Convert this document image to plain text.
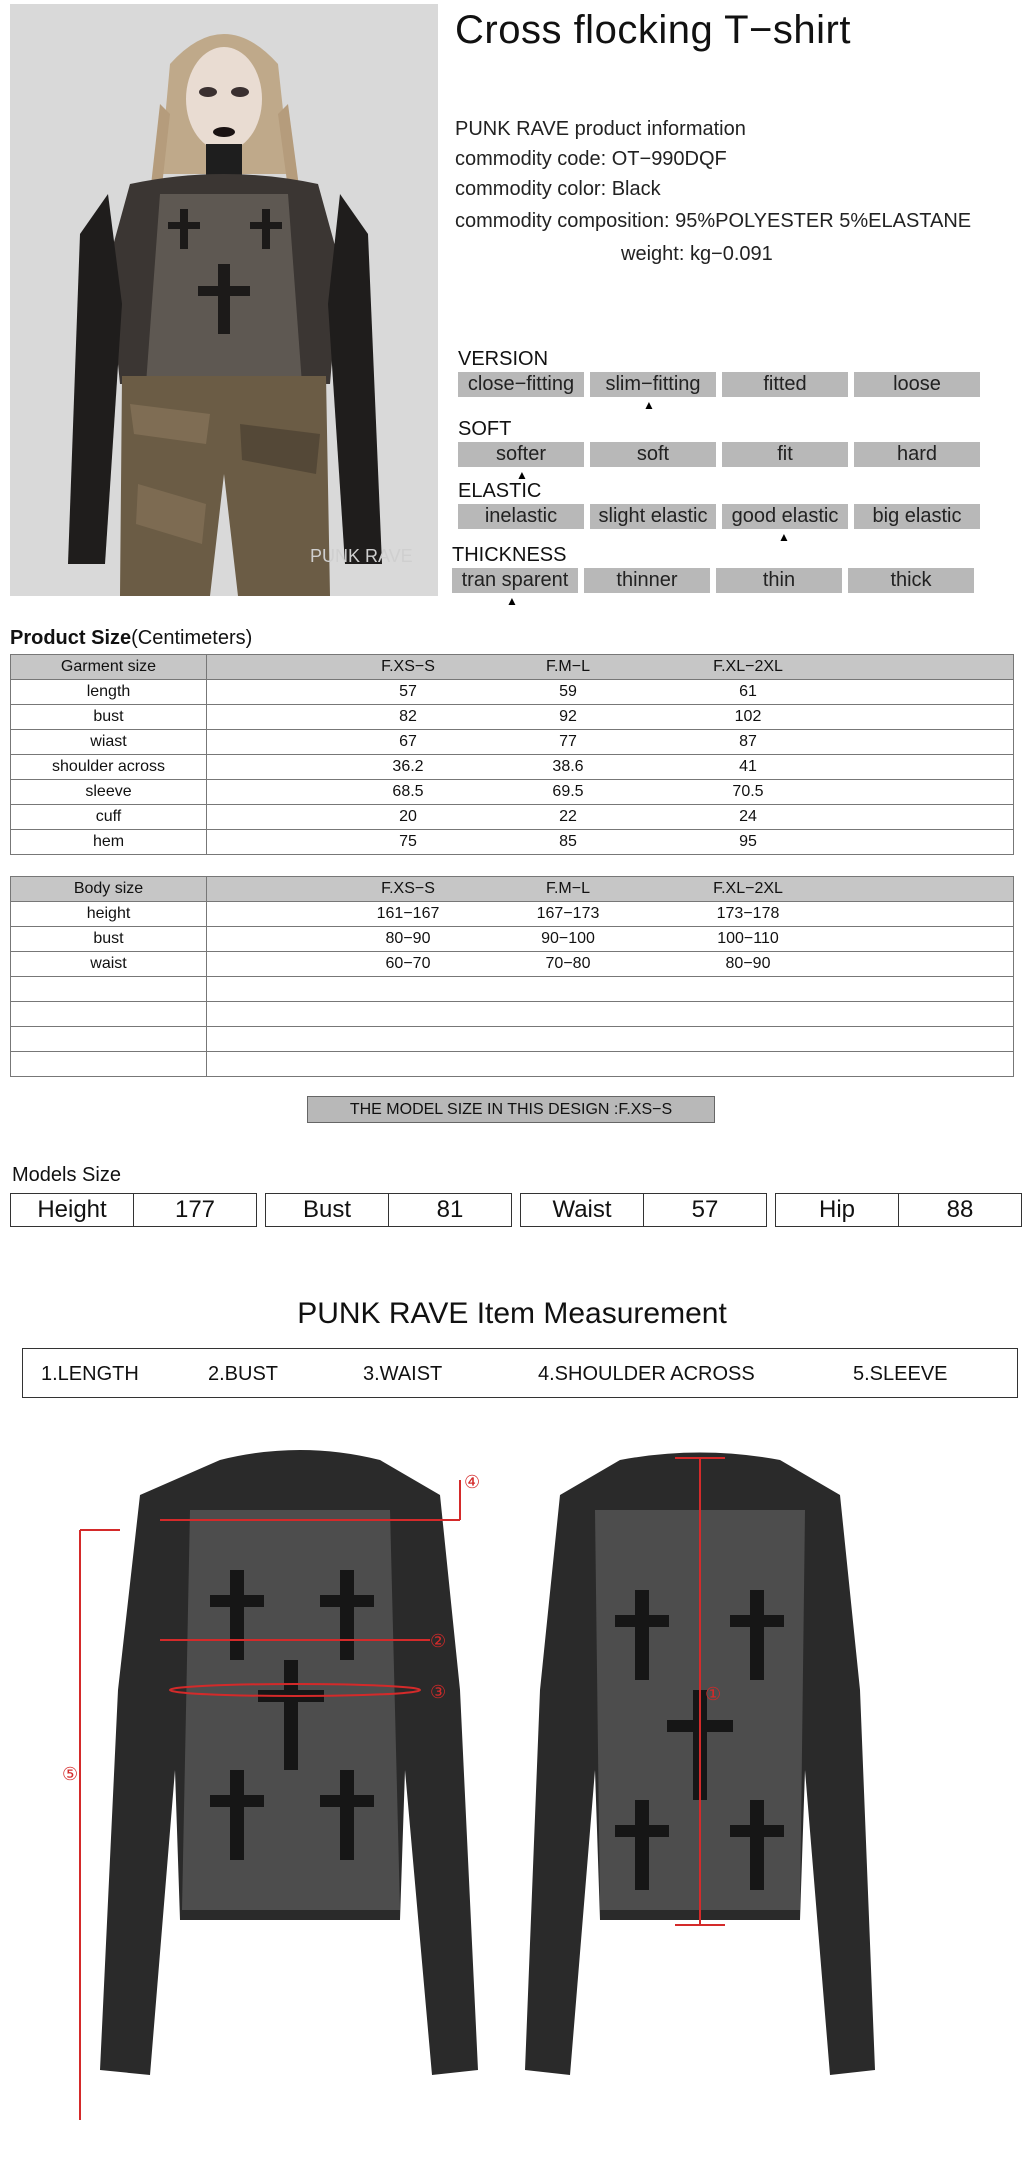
PUNK RAVE
Cross flocking T−shirt
PUNK RAVE product information
commodity code: OT−990DQF
commodity color: Black
commodity composition: 95%POLYESTER 5%ELASTANE
weight: kg−0.091
VERSION
close−fitting	slim−fitting	fitted	loose
▲
SOFT
softer	soft	fit	hard
▲
ELASTIC
inelastic	slight elastic	good elastic	big elastic
▲
THICKNESS
tran sparent	thinner	thin	thick
▲
Product Size(Centimeters)
Garment size	F.XS−S F.M−L F.XL−2XL

length	57 59 61

bust	82 92 102

wiast	67 77 87

shoulder across	36.2 38.6 41

sleeve	68.5 69.5 70.5

cuff	20 22 24

hem	75 85 95
Body size	F.XS−S F.M−L F.XL−2XL

height	161−167 167−173 173−178

bust	80−90 90−100 100−110

waist	60−70 70−80 80−90

THE MODEL SIZE IN THIS DESIGN :F.XS−S
Models Size
Height	177	Bust	81	Waist	57	Hip	88
PUNK RAVE Item Measurement
1.LENGTH	2.BUST	3.WAIST	4.SHOULDER ACROSS	5.SLEEVE
④
②
③
⑤
①
